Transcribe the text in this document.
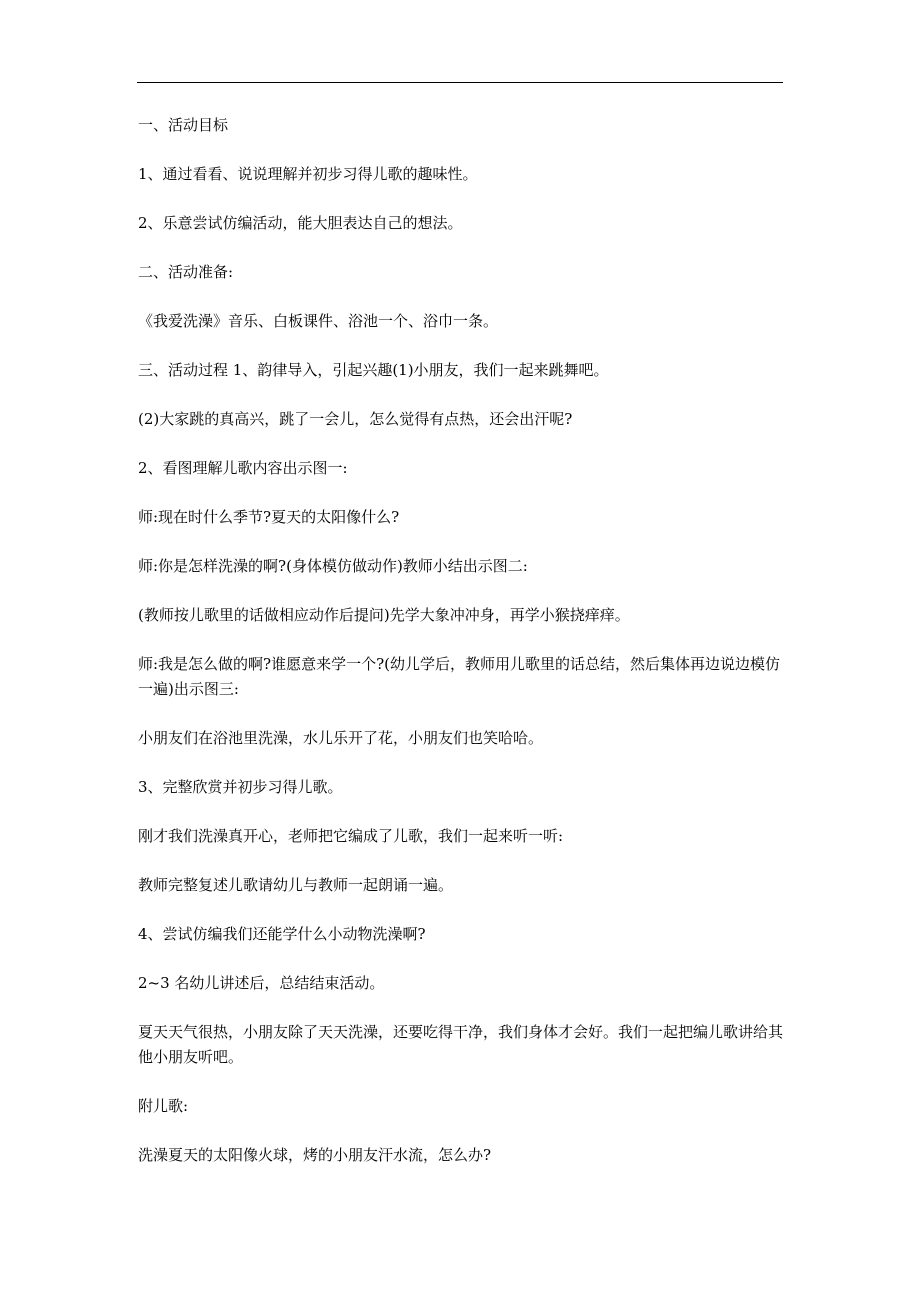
一、活动目标

1、通过看看、说说理解并初步习得儿歌的趣味性。

2、乐意尝试仿编活动，能大胆表达自己的想法。

二、活动准备:

《我爱洗澡》音乐、白板课件、浴池一个、浴巾一条。

三、活动过程 1、韵律导入，引起兴趣(1)小朋友，我们一起来跳舞吧。

(2)大家跳的真高兴，跳了一会儿，怎么觉得有点热，还会出汗呢?

2、看图理解儿歌内容出示图一:

师:现在时什么季节?夏天的太阳像什么?

师:你是怎样洗澡的啊?(身体模仿做动作)教师小结出示图二:

(教师按儿歌里的话做相应动作后提问)先学大象冲冲身，再学小猴挠痒痒。

师:我是怎么做的啊?谁愿意来学一个?(幼儿学后，教师用儿歌里的话总结，然后集体再边说边模仿一遍)出示图三:

小朋友们在浴池里洗澡，水儿乐开了花，小朋友们也笑哈哈。

3、完整欣赏并初步习得儿歌。

刚才我们洗澡真开心，老师把它编成了儿歌，我们一起来听一听:

教师完整复述儿歌请幼儿与教师一起朗诵一遍。

4、尝试仿编我们还能学什么小动物洗澡啊?

2~3 名幼儿讲述后，总结结束活动。

夏天天气很热，小朋友除了天天洗澡，还要吃得干净，我们身体才会好。我们一起把编儿歌讲给其他小朋友听吧。

附儿歌:

洗澡夏天的太阳像火球，烤的小朋友汗水流，怎么办?
